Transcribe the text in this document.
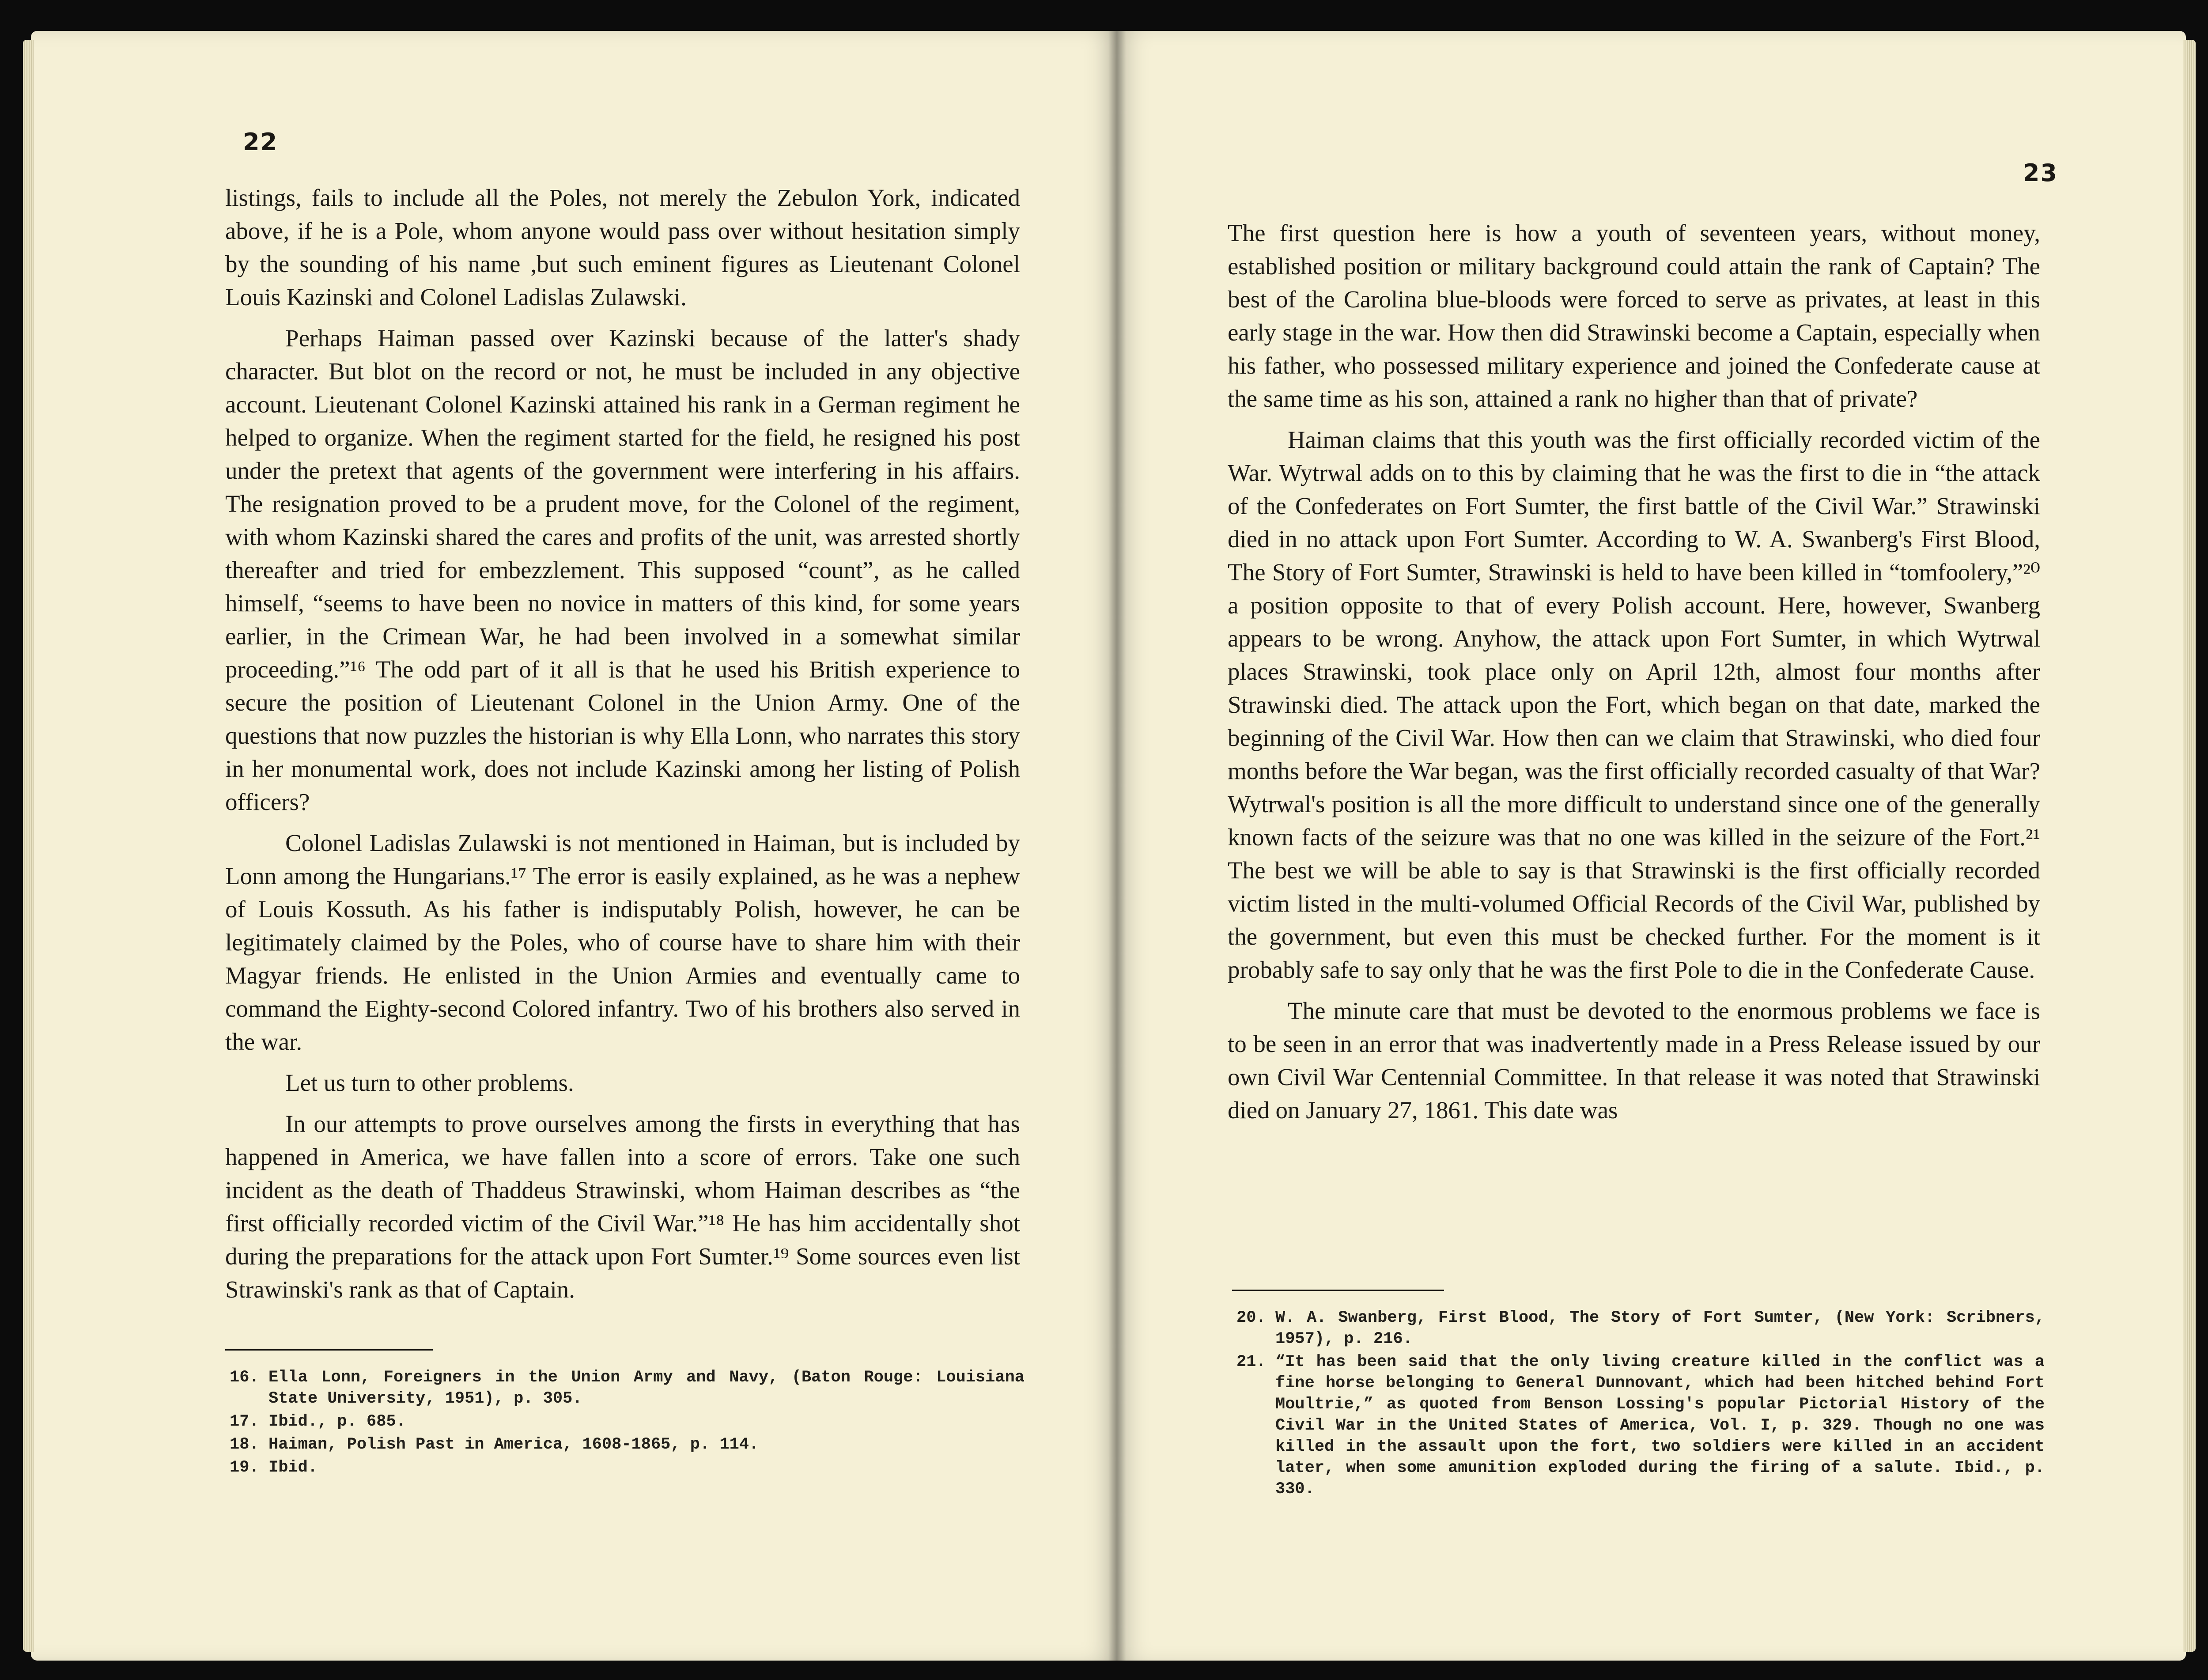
22

listings, fails to include all the Poles, not merely the Zebulon York, indicated above, if he is a Pole, whom anyone would pass over without hesitation simply by the sounding of his name ,but such eminent figures as Lieutenant Colonel Louis Kazinski and Colonel Ladislas Zulawski.

Perhaps Haiman passed over Kazinski because of the latter's shady character. But blot on the record or not, he must be included in any objective account. Lieutenant Colonel Kazinski attained his rank in a German regiment he helped to organize. When the regiment started for the field, he resigned his post under the pretext that agents of the government were interfering in his affairs. The resignation proved to be a prudent move, for the Colonel of the regiment, with whom Kazinski shared the cares and profits of the unit, was arrested shortly thereafter and tried for embezzlement. This supposed “count”, as he called himself, “seems to have been no novice in matters of this kind, for some years earlier, in the Crimean War, he had been involved in a somewhat similar proceeding.”¹⁶ The odd part of it all is that he used his British experience to secure the position of Lieutenant Colonel in the Union Army. One of the questions that now puzzles the historian is why Ella Lonn, who narrates this story in her monumental work, does not include Kazinski among her listing of Polish officers?

Colonel Ladislas Zulawski is not mentioned in Haiman, but is included by Lonn among the Hungarians.¹⁷ The error is easily explained, as he was a nephew of Louis Kossuth. As his father is indisputably Polish, however, he can be legitimately claimed by the Poles, who of course have to share him with their Magyar friends. He enlisted in the Union Armies and eventually came to command the Eighty-second Colored infantry. Two of his brothers also served in the war.

Let us turn to other problems.

In our attempts to prove ourselves among the firsts in everything that has happened in America, we have fallen into a score of errors. Take one such incident as the death of Thaddeus Strawinski, whom Haiman describes as “the first officially recorded victim of the Civil War.”¹⁸ He has him accidentally shot during the preparations for the attack upon Fort Sumter.¹⁹ Some sources even list Strawinski's rank as that of Captain.

16. Ella Lonn, Foreigners in the Union Army and Navy, (Baton Rouge: Louisiana State University, 1951), p. 305.
17. Ibid., p. 685.
18. Haiman, Polish Past in America, 1608-1865, p. 114.
19. Ibid.
23

The first question here is how a youth of seventeen years, without money, established position or military background could attain the rank of Captain? The best of the Carolina blue-bloods were forced to serve as privates, at least in this early stage in the war. How then did Strawinski become a Captain, especially when his father, who possessed military experience and joined the Confederate cause at the same time as his son, attained a rank no higher than that of private?

Haiman claims that this youth was the first officially recorded victim of the War. Wytrwal adds on to this by claiming that he was the first to die in “the attack of the Confederates on Fort Sumter, the first battle of the Civil War.” Strawinski died in no attack upon Fort Sumter. According to W. A. Swanberg's First Blood, The Story of Fort Sumter, Strawinski is held to have been killed in “tomfoolery,”²⁰ a position opposite to that of every Polish account. Here, however, Swanberg appears to be wrong. Anyhow, the attack upon Fort Sumter, in which Wytrwal places Strawinski, took place only on April 12th, almost four months after Strawinski died. The attack upon the Fort, which began on that date, marked the beginning of the Civil War. How then can we claim that Strawinski, who died four months before the War began, was the first officially recorded casualty of that War? Wytrwal's position is all the more difficult to understand since one of the generally known facts of the seizure was that no one was killed in the seizure of the Fort.²¹ The best we will be able to say is that Strawinski is the first officially recorded victim listed in the multi-volumed Official Records of the Civil War, published by the government, but even this must be checked further. For the moment is it probably safe to say only that he was the first Pole to die in the Confederate Cause.

The minute care that must be devoted to the enormous problems we face is to be seen in an error that was inadvertently made in a Press Release issued by our own Civil War Centennial Committee. In that release it was noted that Strawinski died on January 27, 1861. This date was

20. W. A. Swanberg, First Blood, The Story of Fort Sumter, (New York: Scribners, 1957), p. 216.
21. “It has been said that the only living creature killed in the conflict was a fine horse belonging to General Dunnovant, which had been hitched behind Fort Moultrie,” as quoted from Benson Lossing's popular Pictorial History of the Civil War in the United States of America, Vol. I, p. 329. Though no one was killed in the assault upon the fort, two soldiers were killed in an accident later, when some amunition exploded during the firing of a salute. Ibid., p. 330.
